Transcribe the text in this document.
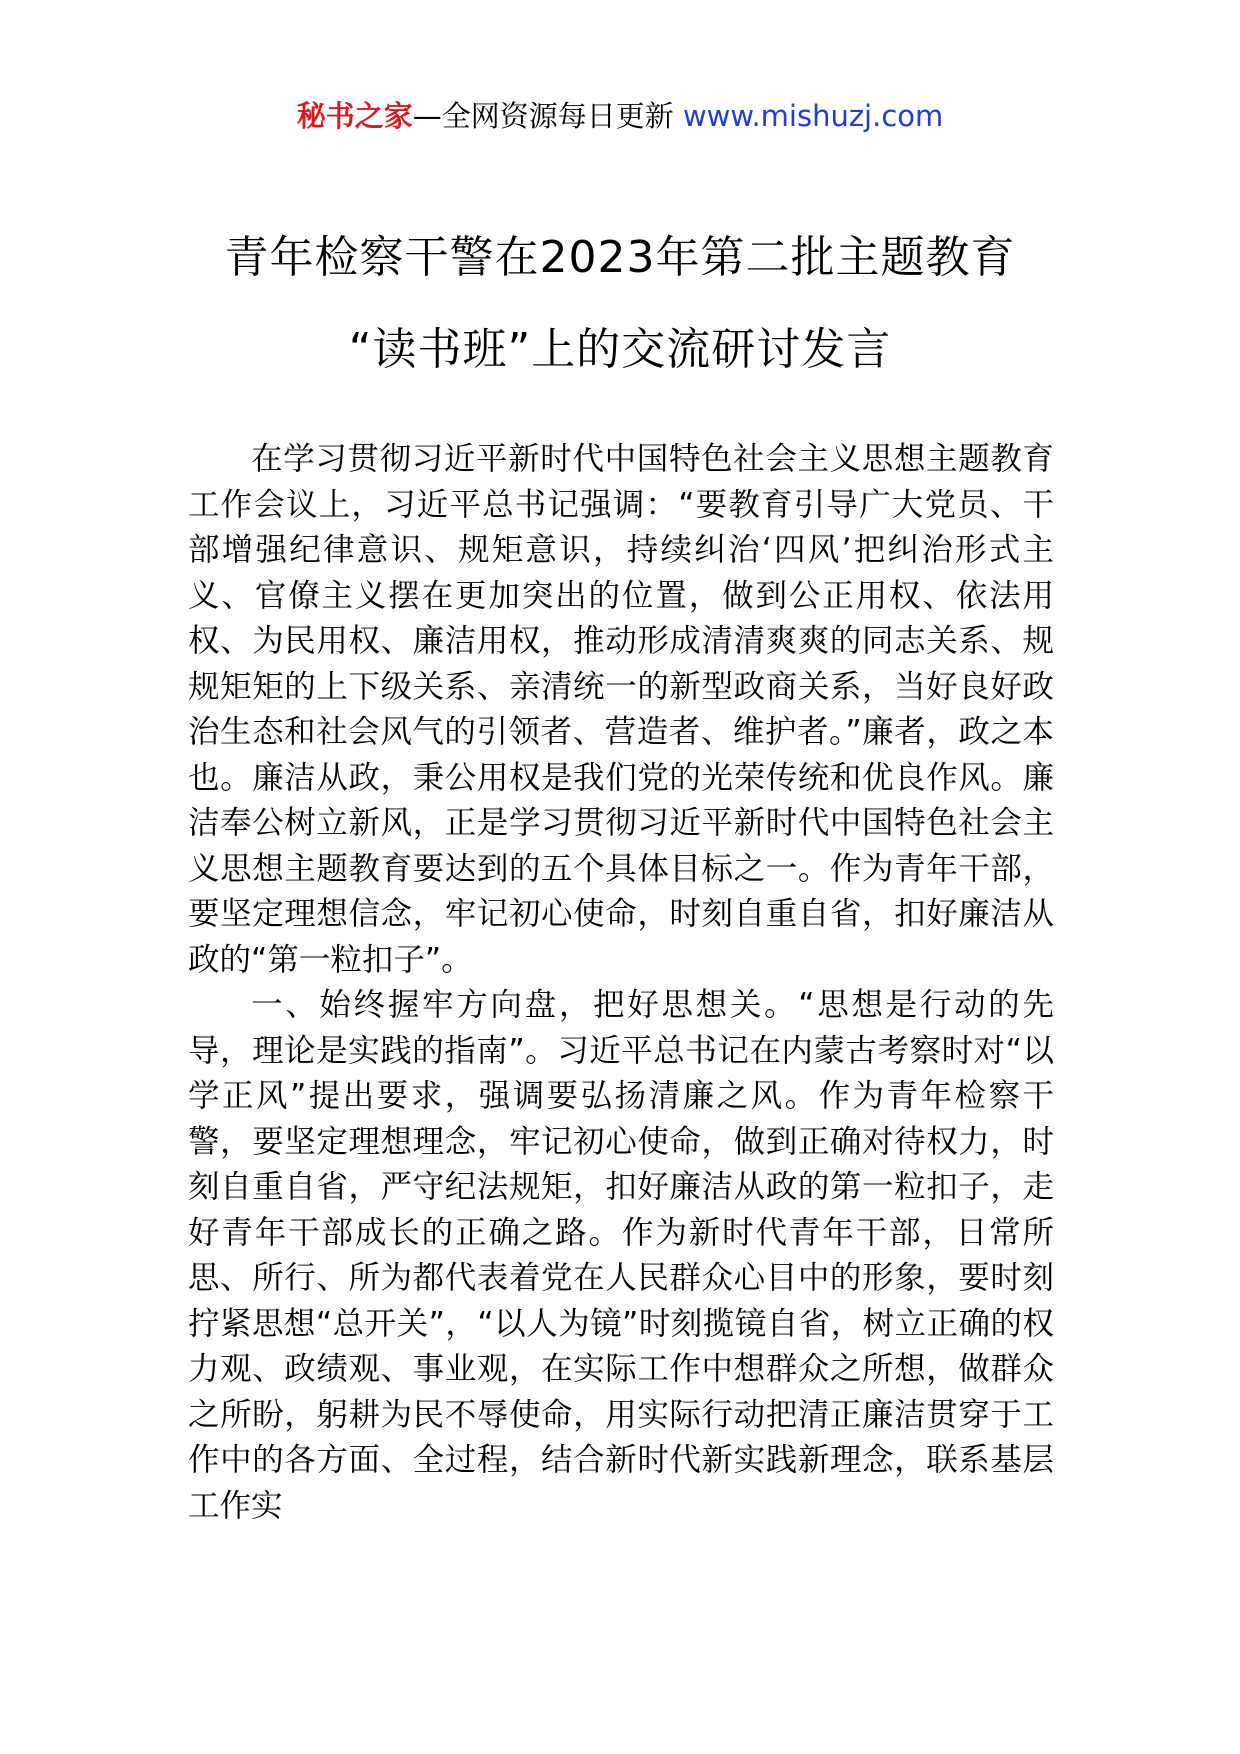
秘书之家—全网资源每日更新 www.mishuzj.com
青年检察干警在2023年第二批主题教育
“读书班”上的交流研讨发言

在学习贯彻习近平新时代中国特色社会主义思想主题教育工作会议上，习近平总书记强调：“要教育引导广大党员、干部增强纪律意识、规矩意识，持续纠治‘四风’把纠治形式主义、官僚主义摆在更加突出的位置，做到公正用权、依法用权、为民用权、廉洁用权，推动形成清清爽爽的同志关系、规规矩矩的上下级关系、亲清统一的新型政商关系，当好良好政治生态和社会风气的引领者、营造者、维护者。”廉者，政之本也。廉洁从政，秉公用权是我们党的光荣传统和优良作风。廉洁奉公树立新风，正是学习贯彻习近平新时代中国特色社会主义思想主题教育要达到的五个具体目标之一。作为青年干部，要坚定理想信念，牢记初心使命，时刻自重自省，扣好廉洁从政的“第一粒扣子”。

一、始终握牢方向盘，把好思想关。“思想是行动的先导，理论是实践的指南”。习近平总书记在内蒙古考察时对“以学正风”提出要求，强调要弘扬清廉之风。作为青年检察干警，要坚定理想理念，牢记初心使命，做到正确对待权力，时刻自重自省，严守纪法规矩，扣好廉洁从政的第一粒扣子，走好青年干部成长的正确之路。作为新时代青年干部，日常所思、所行、所为都代表着党在人民群众心目中的形象，要时刻拧紧思想“总开关”，“以人为镜”时刻揽镜自省，树立正确的权力观、政绩观、事业观，在实际工作中想群众之所想，做群众之所盼，躬耕为民不辱使命，用实际行动把清正廉洁贯穿于工作中的各方面、全过程，结合新时代新实践新理念，联系基层工作实
